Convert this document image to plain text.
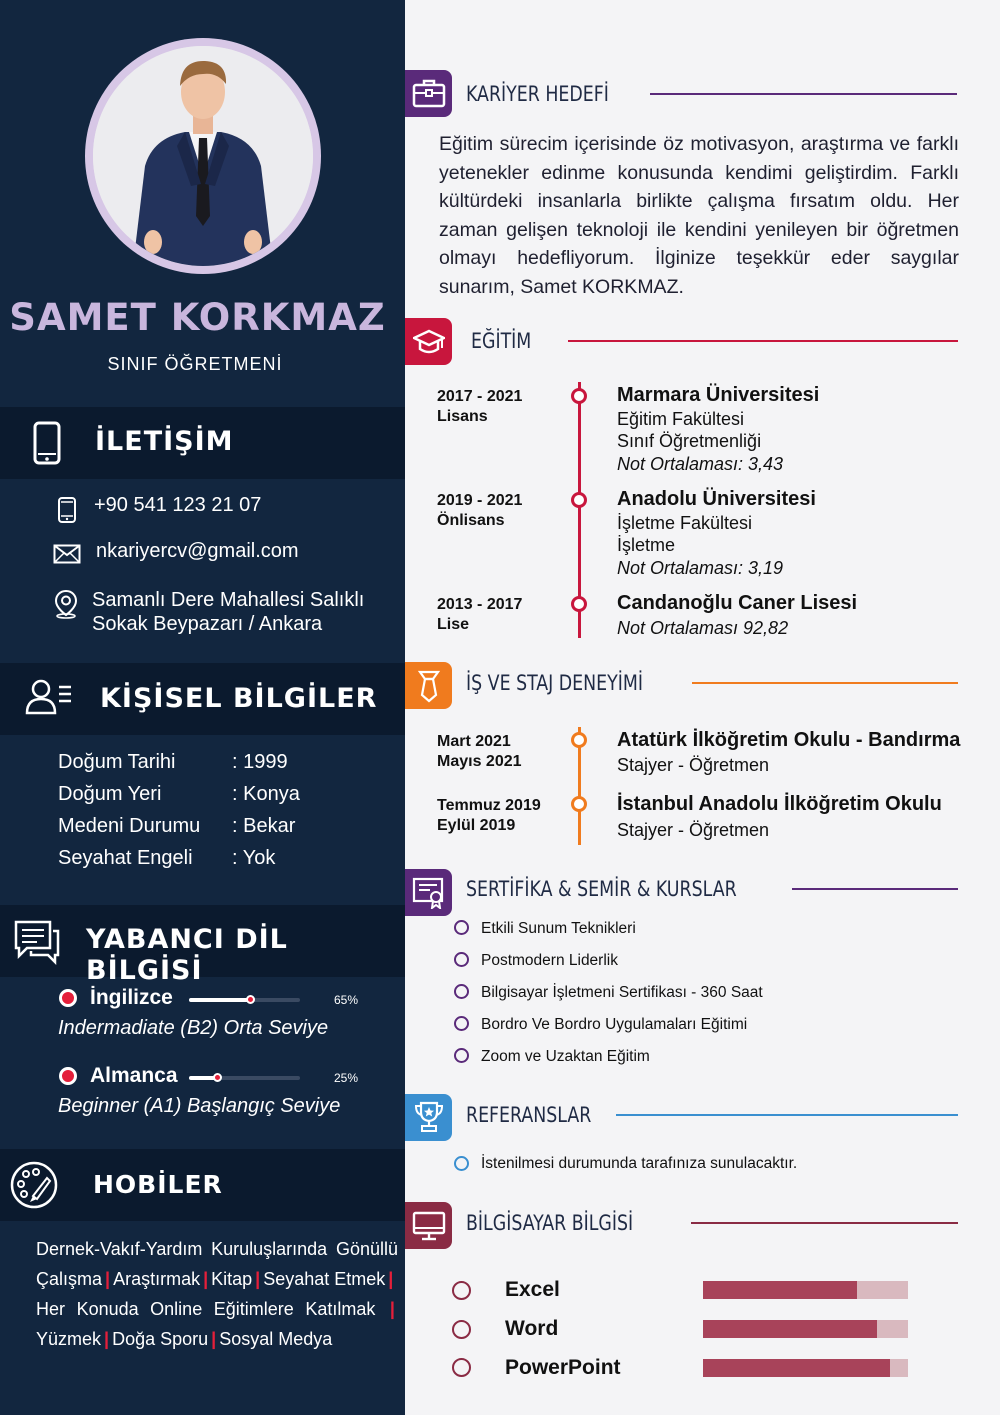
SAMET KORKMAZ
SINIF ÖĞRETMENİ
İLETİŞİM
+90 541 123 21 07
nkariyercv@gmail.com
Samanlı Dere Mahallesi Salıklı
Sokak Beypazarı / Ankara
KİŞİSEL BİLGİLER
Doğum Tarihi	: 1999
Doğum Yeri	: Konya
Medeni Durumu : Bekar
Seyahat Engeli : Yok
YABANCI DİL BİLGİSİ
İngilizce	65%
Indermadiate (B2) Orta Seviye
Almanca	25%
Beginner (A1) Başlangıç Seviye
HOBİLER
Dernek-Vakıf-Yardım Kuruluşlarında Gönüllü
Çalışma | Araştırmak | Kitap | Seyahat Etmek |
Her Konuda Online Eğitimlere Katılmak |
Yüzmek | Doğa Sporu | Sosyal Medya
KARİYER HEDEFİ
Eğitim sürecim içerisinde öz motivasyon, araştırma ve farklı yetenekler edinme konusunda kendimi geliştirdim. Farklı kültürdeki insanlarla birlikte çalışma fırsatım oldu. Her zaman gelişen teknoloji ile kendini yenileyen bir öğretmen olmayı hedefliyorum. İlginize teşekkür eder saygılar sunarım, Samet KORKMAZ.
EĞİTİM
2017 - 2021
Lisans
Marmara Üniversitesi
Eğitim Fakültesi
Sınıf Öğretmenliği
Not Ortalaması: 3,43
2019 - 2021
Önlisans
Anadolu Üniversitesi
İşletme Fakültesi
İşletme
Not Ortalaması: 3,19
2013 - 2017
Lise
Candanoğlu Caner Lisesi
Not Ortalaması 92,82
İŞ VE STAJ DENEYİMİ
Mart 2021
Mayıs 2021
Atatürk İlköğretim Okulu - Bandırma
Stajyer - Öğretmen
Temmuz 2019
Eylül 2019
İstanbul Anadolu İlköğretim Okulu
Stajyer - Öğretmen
SERTİFİKA & SEMİR & KURSLAR
Etkili Sunum Teknikleri
Postmodern Liderlik
Bilgisayar İşletmeni Sertifikası - 360 Saat
Bordro Ve Bordro Uygulamaları Eğitimi
Zoom ve Uzaktan Eğitim
REFERANSLAR
İstenilmesi durumunda tarafınıza sunulacaktır.
BİLGİSAYAR BİLGİSİ
Excel
Word
PowerPoint
